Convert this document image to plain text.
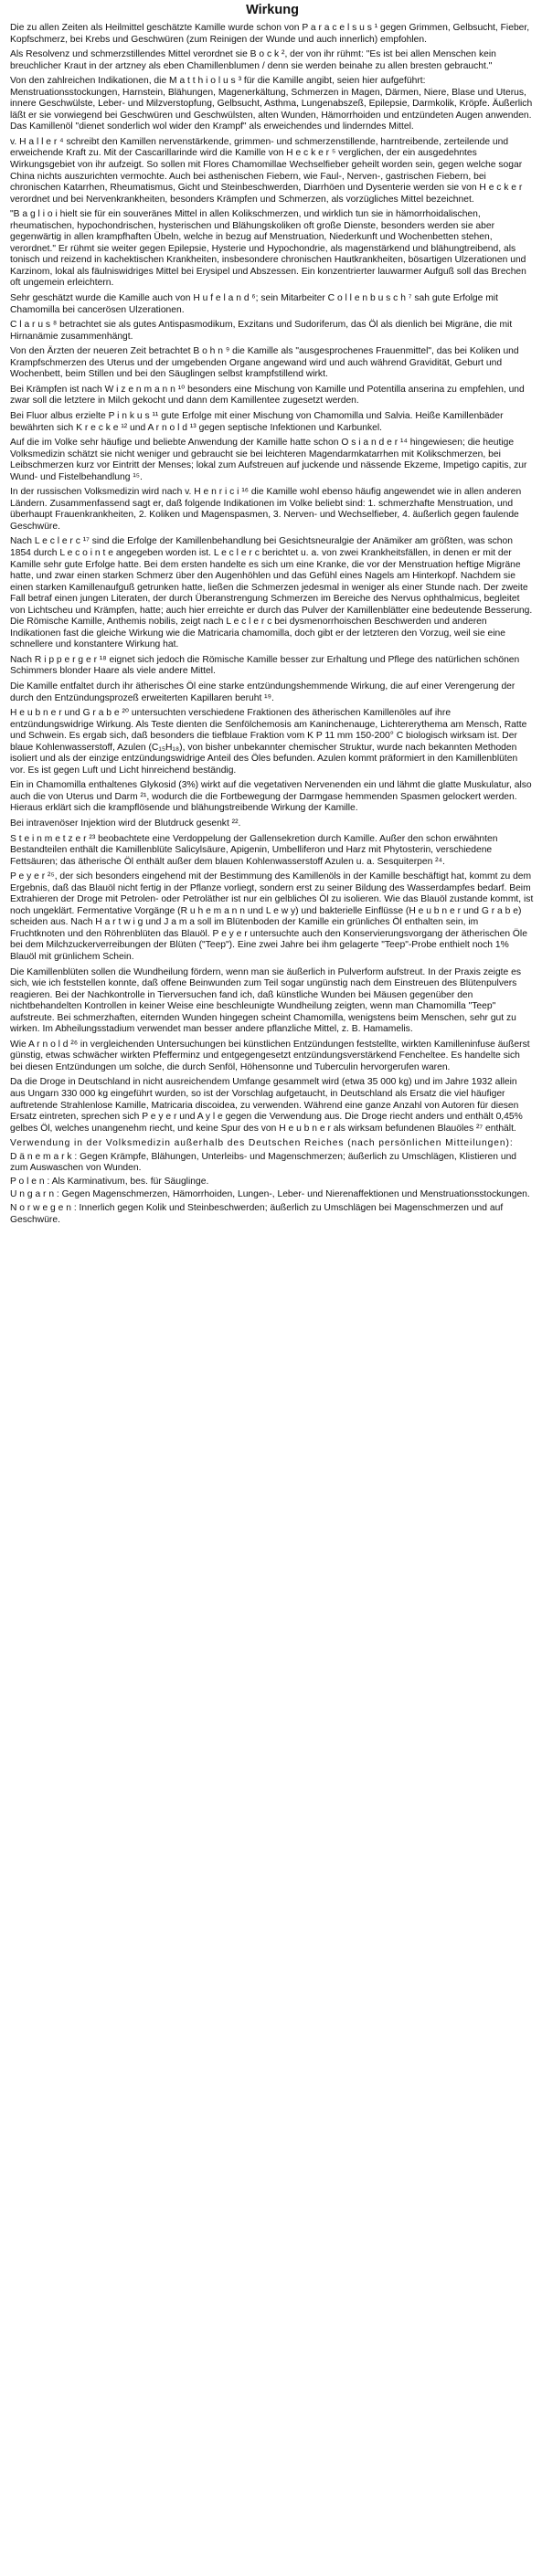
Wirkung

Die zu allen Zeiten als Heilmittel geschätzte Kamille wurde schon von P a r a c e l s u s ¹ gegen Grimmen, Gelbsucht, Fieber, Kopfschmerz, bei Krebs und Geschwüren (zum Reinigen der Wunde und auch innerlich) empfohlen.

Als Resolvenz und schmerzstillendes Mittel verordnet sie B o c k ², der von ihr rühmt: "Es ist bei allen Menschen kein breuchlicher Kraut in der artzney als eben Chamillenblumen / denn sie werden beinahe zu allen bresten gebraucht."

Von den zahlreichen Indikationen, die M a t t h i o l u s ³ für die Kamille angibt, seien hier aufgeführt: Menstruationsstockungen, Harnstein, Blähungen, Magenerkältung, Schmerzen in Magen, Därmen, Niere, Blase und Uterus, innere Geschwülste, Leber- und Milzverstopfung, Gelbsucht, Asthma, Lungenabszeß, Epilepsie, Darmkolik, Kröpfe. Äußerlich läßt er sie vorwiegend bei Geschwüren und Geschwülsten, alten Wunden, Hämorrhoiden und entzündeten Augen anwenden. Das Kamillenöl "dienet sonderlich wol wider den Krampf" als erweichendes und linderndes Mittel.

v. H a l l e r ⁴ schreibt den Kamillen nervenstärkende, grimmen- und schmerzenstillende, harntreibende, zerteilende und erweichende Kraft zu. Mit der Cascarillarinde wird die Kamille von H e c k e r ⁵ verglichen, der ein ausgedehntes Wirkungsgebiet von ihr aufzeigt. So sollen mit Flores Chamomillae Wechselfieber geheilt worden sein, gegen welche sogar China nichts auszurichten vermochte. Auch bei asthenischen Fiebern, wie Faul-, Nerven-, gastrischen Fiebern, bei chronischen Katarrhen, Rheumatismus, Gicht und Steinbeschwerden, Diarrhöen und Dysenterie werden sie von H e c k e r verordnet und bei Nervenkrankheiten, besonders Krämpfen und Schmerzen, als vorzügliches Mittel bezeichnet.

"B a g l i o i hielt sie für ein souveränes Mittel in allen Kolikschmerzen, und wirklich tun sie in hämorrhoidalischen, rheumatischen, hypochondrischen, hysterischen und Blähungskoliken oft große Dienste, besonders werden sie aber gegenwärtig in allen krampfhaften Übeln, welche in bezug auf Menstruation, Niederkunft und Wochenbetten stehen, verordnet." Er rühmt sie weiter gegen Epilepsie, Hysterie und Hypochondrie, als magenstärkend und blähungtreibend, als tonisch und reizend in kachektischen Krankheiten, insbesondere chronischen Hautkrankheiten, bösartigen Ulzerationen und Karzinom, lokal als fäulniswidriges Mittel bei Erysipel und Abszessen. Ein konzentrierter lauwarmer Aufguß soll das Brechen oft ungemein erleichtern.

Sehr geschätzt wurde die Kamille auch von H u f e l a n d ⁶; sein Mitarbeiter C o l l e n b u s c h ⁷ sah gute Erfolge mit Chamomilla bei cancerösen Ulzerationen.

C l a r u s ⁸ betrachtet sie als gutes Antispasmodikum, Exzitans und Sudoriferum, das Öl als dienlich bei Migräne, die mit Hirnanämie zusammenhängt.

Von den Ärzten der neueren Zeit betrachtet B o h n ⁹ die Kamille als "ausgesprochenes Frauenmittel", das bei Koliken und Krampfschmerzen des Uterus und der umgebenden Organe angewand wird und auch während Gravidität, Geburt und Wochenbett, beim Stillen und bei den Säuglingen selbst krampfstillend wirkt.

Bei Krämpfen ist nach W i z e n m a n n ¹⁰ besonders eine Mischung von Kamille und Potentilla anserina zu empfehlen, und zwar soll die letztere in Milch gekocht und dann dem Kamillentee zugesetzt werden.

Bei Fluor albus erzielte P i n k u s ¹¹ gute Erfolge mit einer Mischung von Chamomilla und Salvia. Heiße Kamillenbäder bewährten sich K r e c k e ¹² und A r n o l d ¹³ gegen septische Infektionen und Karbunkel.

Auf die im Volke sehr häufige und beliebte Anwendung der Kamille hatte schon O s i a n d e r ¹⁴ hingewiesen; die heutige Volksmedizin schätzt sie nicht weniger und gebraucht sie bei leichteren Magendarmkatarrhen mit Kolikschmerzen, bei Leibschmerzen kurz vor Eintritt der Menses; lokal zum Aufstreuen auf juckende und nässende Ekzeme, Impetigo capitis, zur Wund- und Fistelbehandlung ¹⁵.

In der russischen Volksmedizin wird nach v. H e n r i c i ¹⁶ die Kamille wohl ebenso häufig angewendet wie in allen anderen Ländern. Zusammenfassend sagt er, daß folgende Indikationen im Volke beliebt sind: 1. schmerzhafte Menstruation, und überhaupt Frauenkrankheiten, 2. Koliken und Magenspasmen, 3. Nerven- und Wechselfieber, 4. äußerlich gegen faulende Geschwüre.

Nach L e c l e r c ¹⁷ sind die Erfolge der Kamillenbehandlung bei Gesichtsneuralgie der Anämiker am größten, was schon 1854 durch L e c o i n t e angegeben worden ist. L e c l e r c berichtet u. a. von zwei Krankheitsfällen, in denen er mit der Kamille sehr gute Erfolge hatte. Bei dem ersten handelte es sich um eine Kranke, die vor der Menstruation heftige Migräne hatte, und zwar einen starken Schmerz über den Augenhöhlen und das Gefühl eines Nagels am Hinterkopf. Nachdem sie einen starken Kamillenaufguß getrunken hatte, ließen die Schmerzen jedesmal in weniger als einer Stunde nach. Der zweite Fall betraf einen jungen Literaten, der durch Überanstrengung Schmerzen im Bereiche des Nervus ophthalmicus, begleitet von Lichtscheu und Krämpfen, hatte; auch hier erreichte er durch das Pulver der Kamillenblätter eine bedeutende Besserung. Die Römische Kamille, Anthemis nobilis, zeigt nach L e c l e r c bei dysmenorrhoischen Beschwerden und anderen Indikationen fast die gleiche Wirkung wie die Matricaria chamomilla, doch gibt er der letzteren den Vorzug, weil sie eine schnellere und konstantere Wirkung hat.

Nach R i p p e r g e r ¹⁸ eignet sich jedoch die Römische Kamille besser zur Erhaltung und Pflege des natürlichen schönen Schimmers blonder Haare als viele andere Mittel.

Die Kamille entfaltet durch ihr ätherisches Öl eine starke entzündungshemmende Wirkung, die auf einer Verengerung der durch den Entzündungsprozeß erweiterten Kapillaren beruht ¹⁹.

H e u b n e r und G r a b e ²⁰ untersuchten verschiedene Fraktionen des ätherischen Kamillenöles auf ihre entzündungswidrige Wirkung. Als Teste dienten die Senfölchemosis am Kaninchenauge, Lichtererythema am Mensch, Ratte und Schwein. Es ergab sich, daß besonders die tiefblaue Fraktion vom K P 11 mm 150-200° C biologisch wirksam ist. Der blaue Kohlenwasserstoff, Azulen (C₁₅H₁₈), von bisher unbekannter chemischer Struktur, wurde nach bekannten Methoden isoliert und als der einzige entzündungswidrige Anteil des Öles befunden. Azulen kommt präformiert in den Kamillenblüten vor. Es ist gegen Luft und Licht hinreichend beständig.

Ein in Chamomilla enthaltenes Glykosid (3%) wirkt auf die vegetativen Nervenenden ein und lähmt die glatte Muskulatur, also auch die von Uterus und Darm ²¹, wodurch die die Fortbewegung der Darmgase hemmenden Spasmen gelockert werden. Hieraus erklärt sich die krampflösende und blähungstreibende Wirkung der Kamille.

Bei intravenöser Injektion wird der Blutdruck gesenkt ²².

S t e i n m e t z e r ²³ beobachtete eine Verdoppelung der Gallensekretion durch Kamille. Außer den schon erwähnten Bestandteilen enthält die Kamillenblüte Salicylsäure, Apigenin, Umbelliferon und Harz mit Phytosterin, verschiedene Fettsäuren; das ätherische Öl enthält außer dem blauen Kohlenwasserstoff Azulen u. a. Sesquiterpen ²⁴.

P e y e r ²⁵, der sich besonders eingehend mit der Bestimmung des Kamillenöls in der Kamille beschäftigt hat, kommt zu dem Ergebnis, daß das Blauöl nicht fertig in der Pflanze vorliegt, sondern erst zu seiner Bildung des Wasserdampfes bedarf. Beim Extrahieren der Droge mit Petrolen- oder Petroläther ist nur ein gelbliches Öl zu isolieren. Wie das Blauöl zustande kommt, ist noch ungeklärt. Fermentative Vorgänge (R u h e m a n n und L e w y) und bakterielle Einflüsse (H e u b n e r und G r a b e) scheiden aus. Nach H a r t w i g und J a m a soll im Blütenboden der Kamille ein grünliches Öl enthalten sein, im Fruchtknoten und den Röhrenblüten das Blauöl. P e y e r untersuchte auch den Konservierungsvorgang der ätherischen Öle bei dem Milchzuckerverreibungen der Blüten ("Teep"). Eine zwei Jahre bei ihm gelagerte "Teep"-Probe enthielt noch 1% Blauöl mit grünlichem Schein.

Die Kamillenblüten sollen die Wundheilung fördern, wenn man sie äußerlich in Pulverform aufstreut. In der Praxis zeigte es sich, wie ich feststellen konnte, daß offene Beinwunden zum Teil sogar ungünstig nach dem Einstreuen des Blütenpulvers reagieren. Bei der Nachkontrolle in Tierversuchen fand ich, daß künstliche Wunden bei Mäusen gegenüber den nichtbehandelten Kontrollen in keiner Weise eine beschleunigte Wundheilung zeigten, wenn man Chamomilla "Teep" aufstreute. Bei schmerzhaften, eiternden Wunden hingegen scheint Chamomilla, wenigstens beim Menschen, sehr gut zu wirken. Im Abheilungsstadium verwendet man besser andere pflanzliche Mittel, z. B. Hamamelis.

Wie A r n o l d ²⁶ in vergleichenden Untersuchungen bei künstlichen Entzündungen feststellte, wirkten Kamilleninfuse äußerst günstig, etwas schwächer wirkten Pfefferminz und entgegengesetzt entzündungsverstärkend Fencheltee. Es handelte sich bei diesen Entzündungen um solche, die durch Senföl, Höhensonne und Tuberculin hervorgerufen waren.

Da die Droge in Deutschland in nicht ausreichendem Umfange gesammelt wird (etwa 35 000 kg) und im Jahre 1932 allein aus Ungarn 330 000 kg eingeführt wurden, so ist der Vorschlag aufgetaucht, in Deutschland als Ersatz die viel häufiger auftretende Strahlenlose Kamille, Matricaria discoidea, zu verwenden. Während eine ganze Anzahl von Autoren für diesen Ersatz eintreten, sprechen sich P e y e r und A y l e gegen die Verwendung aus. Die Droge riecht anders und enthält 0,45% gelbes Öl, welches unangenehm riecht, und keine Spur des von H e u b n e r als wirksam befundenen Blauöles ²⁷ enthält.

Verwendung in der Volksmedizin außerhalb des Deutschen Reiches (nach persönlichen Mitteilungen):

D ä n e m a r k : Gegen Krämpfe, Blähungen, Unterleibs- und Magenschmerzen; äußerlich zu Umschlägen, Klistieren und zum Auswaschen von Wunden.

P o l e n : Als Karminativum, bes. für Säuglinge.

U n g a r n : Gegen Magenschmerzen, Hämorrhoiden, Lungen-, Leber- und Nierenaffektionen und Menstruationsstockungen.

N o r w e g e n : Innerlich gegen Kolik und Steinbeschwerden; äußerlich zu Umschlägen bei Magenschmerzen und auf Geschwüre.
